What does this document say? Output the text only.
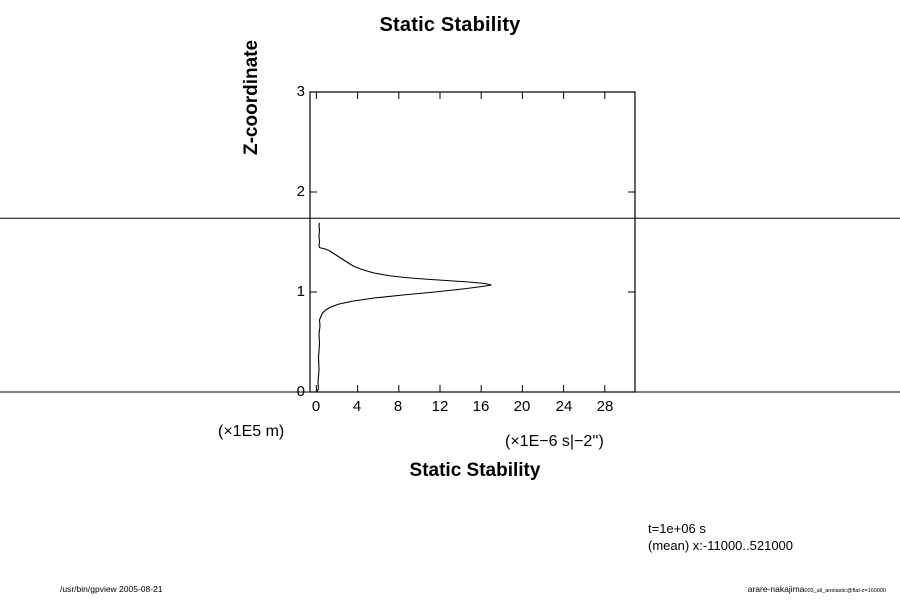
Static Stability
Z-coordinate
Static Stability
(×1E−6 s|−2'')
(×1E5 m)
0	4	8	12	16	20	24	28
0
1
2
3
t=1e+06 s
(mean) x:-11000..521000
/usr/bin/gpview 2005-08-21	arare-nakajima003_all_anelastic@flat-z=160000
